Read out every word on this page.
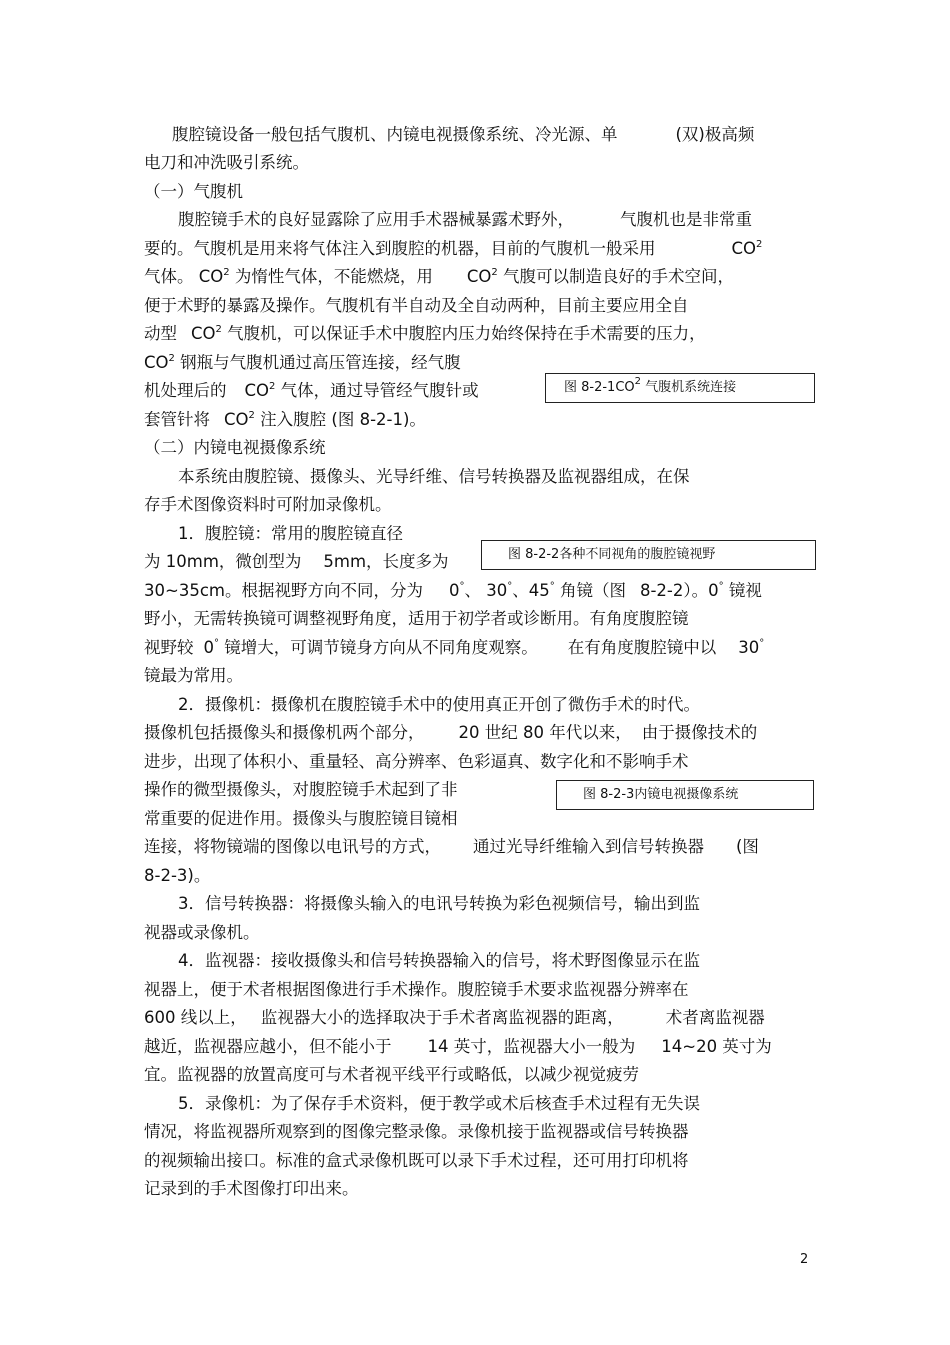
腹腔镜设备一般包括气腹机、内镜电视摄像系统、冷光源、单	(双)极高频
电刀和冲洗吸引系统。
（一）气腹机
腹腔镜手术的良好显露除了应用手术器械暴露术野外，	气腹机也是非常重
要的。气腹机是用来将气体注入到腹腔的机器，目前的气腹机一般采用	$CO^2$
气体。 $CO^2$ 为惰性气体，不能燃烧，用 $CO^2$ 气腹可以制造良好的手术空间，
便于术野的暴露及操作。气腹机有半自动及全自动两种，目前主要应用全自
动型 $CO^2$ 气腹机，可以保证手术中腹腔内压力始终保持在手术需要的压力，
$CO^2$ 钢瓶与气腹机通过高压管连接，经气腹
机处理后的 $CO^2$ 气体，通过导管经气腹针或
套管针将 $CO^2$ 注入腹腔 (图 8-2-1)。
（二）内镜电视摄像系统
本系统由腹腔镜、摄像头、光导纤维、信号转换器及监视器组成，在保
存手术图像资料时可附加录像机。
1．腹腔镜：常用的腹腔镜直径
为 10mm，微创型为 5mm，长度多为
30~35cm。根据视野方向不同，分为 0°、 30°、45° 角镜（图 8-2-2）。0° 镜视
野小，无需转换镜可调整视野角度，适用于初学者或诊断用。有角度腹腔镜
视野较 0° 镜增大，可调节镜身方向从不同角度观察。 在有角度腹腔镜中以 30°
镜最为常用。
2．摄像机：摄像机在腹腔镜手术中的使用真正开创了微伤手术的时代。
摄像机包括摄像头和摄像机两个部分， 20 世纪 80 年代以来， 由于摄像技术的
进步，出现了体积小、重量轻、高分辨率、色彩逼真、数字化和不影响手术
操作的微型摄像头，对腹腔镜手术起到了非
常重要的促进作用。摄像头与腹腔镜目镜相
连接，将物镜端的图像以电讯号的方式， 通过光导纤维输入到信号转换器 (图
8-2-3)。
3．信号转换器：将摄像头输入的电讯号转换为彩色视频信号，输出到监
视器或录像机。
4．监视器：接收摄像头和信号转换器输入的信号，将术野图像显示在监
视器上，便于术者根据图像进行手术操作。腹腔镜手术要求监视器分辨率在
600 线以上， 监视器大小的选择取决于手术者离监视器的距离，	术者离监视器
越近，监视器应越小，但不能小于 14 英寸，监视器大小一般为 14~20 英寸为
宜。监视器的放置高度可与术者视平线平行或略低，以减少视觉疲劳
5．录像机：为了保存手术资料，便于教学或术后核查手术过程有无失误
情况，将监视器所观察到的图像完整录像。录像机接于监视器或信号转换器
的视频输出接口。标准的盒式录像机既可以录下手术过程，还可用打印机将
记录到的手术图像打印出来。
图 $8-2-1CO^2$ 气腹机系统连接
图 8-2-2各种不同视角的腹腔镜视野
图 8-2-3内镜电视摄像系统
2
